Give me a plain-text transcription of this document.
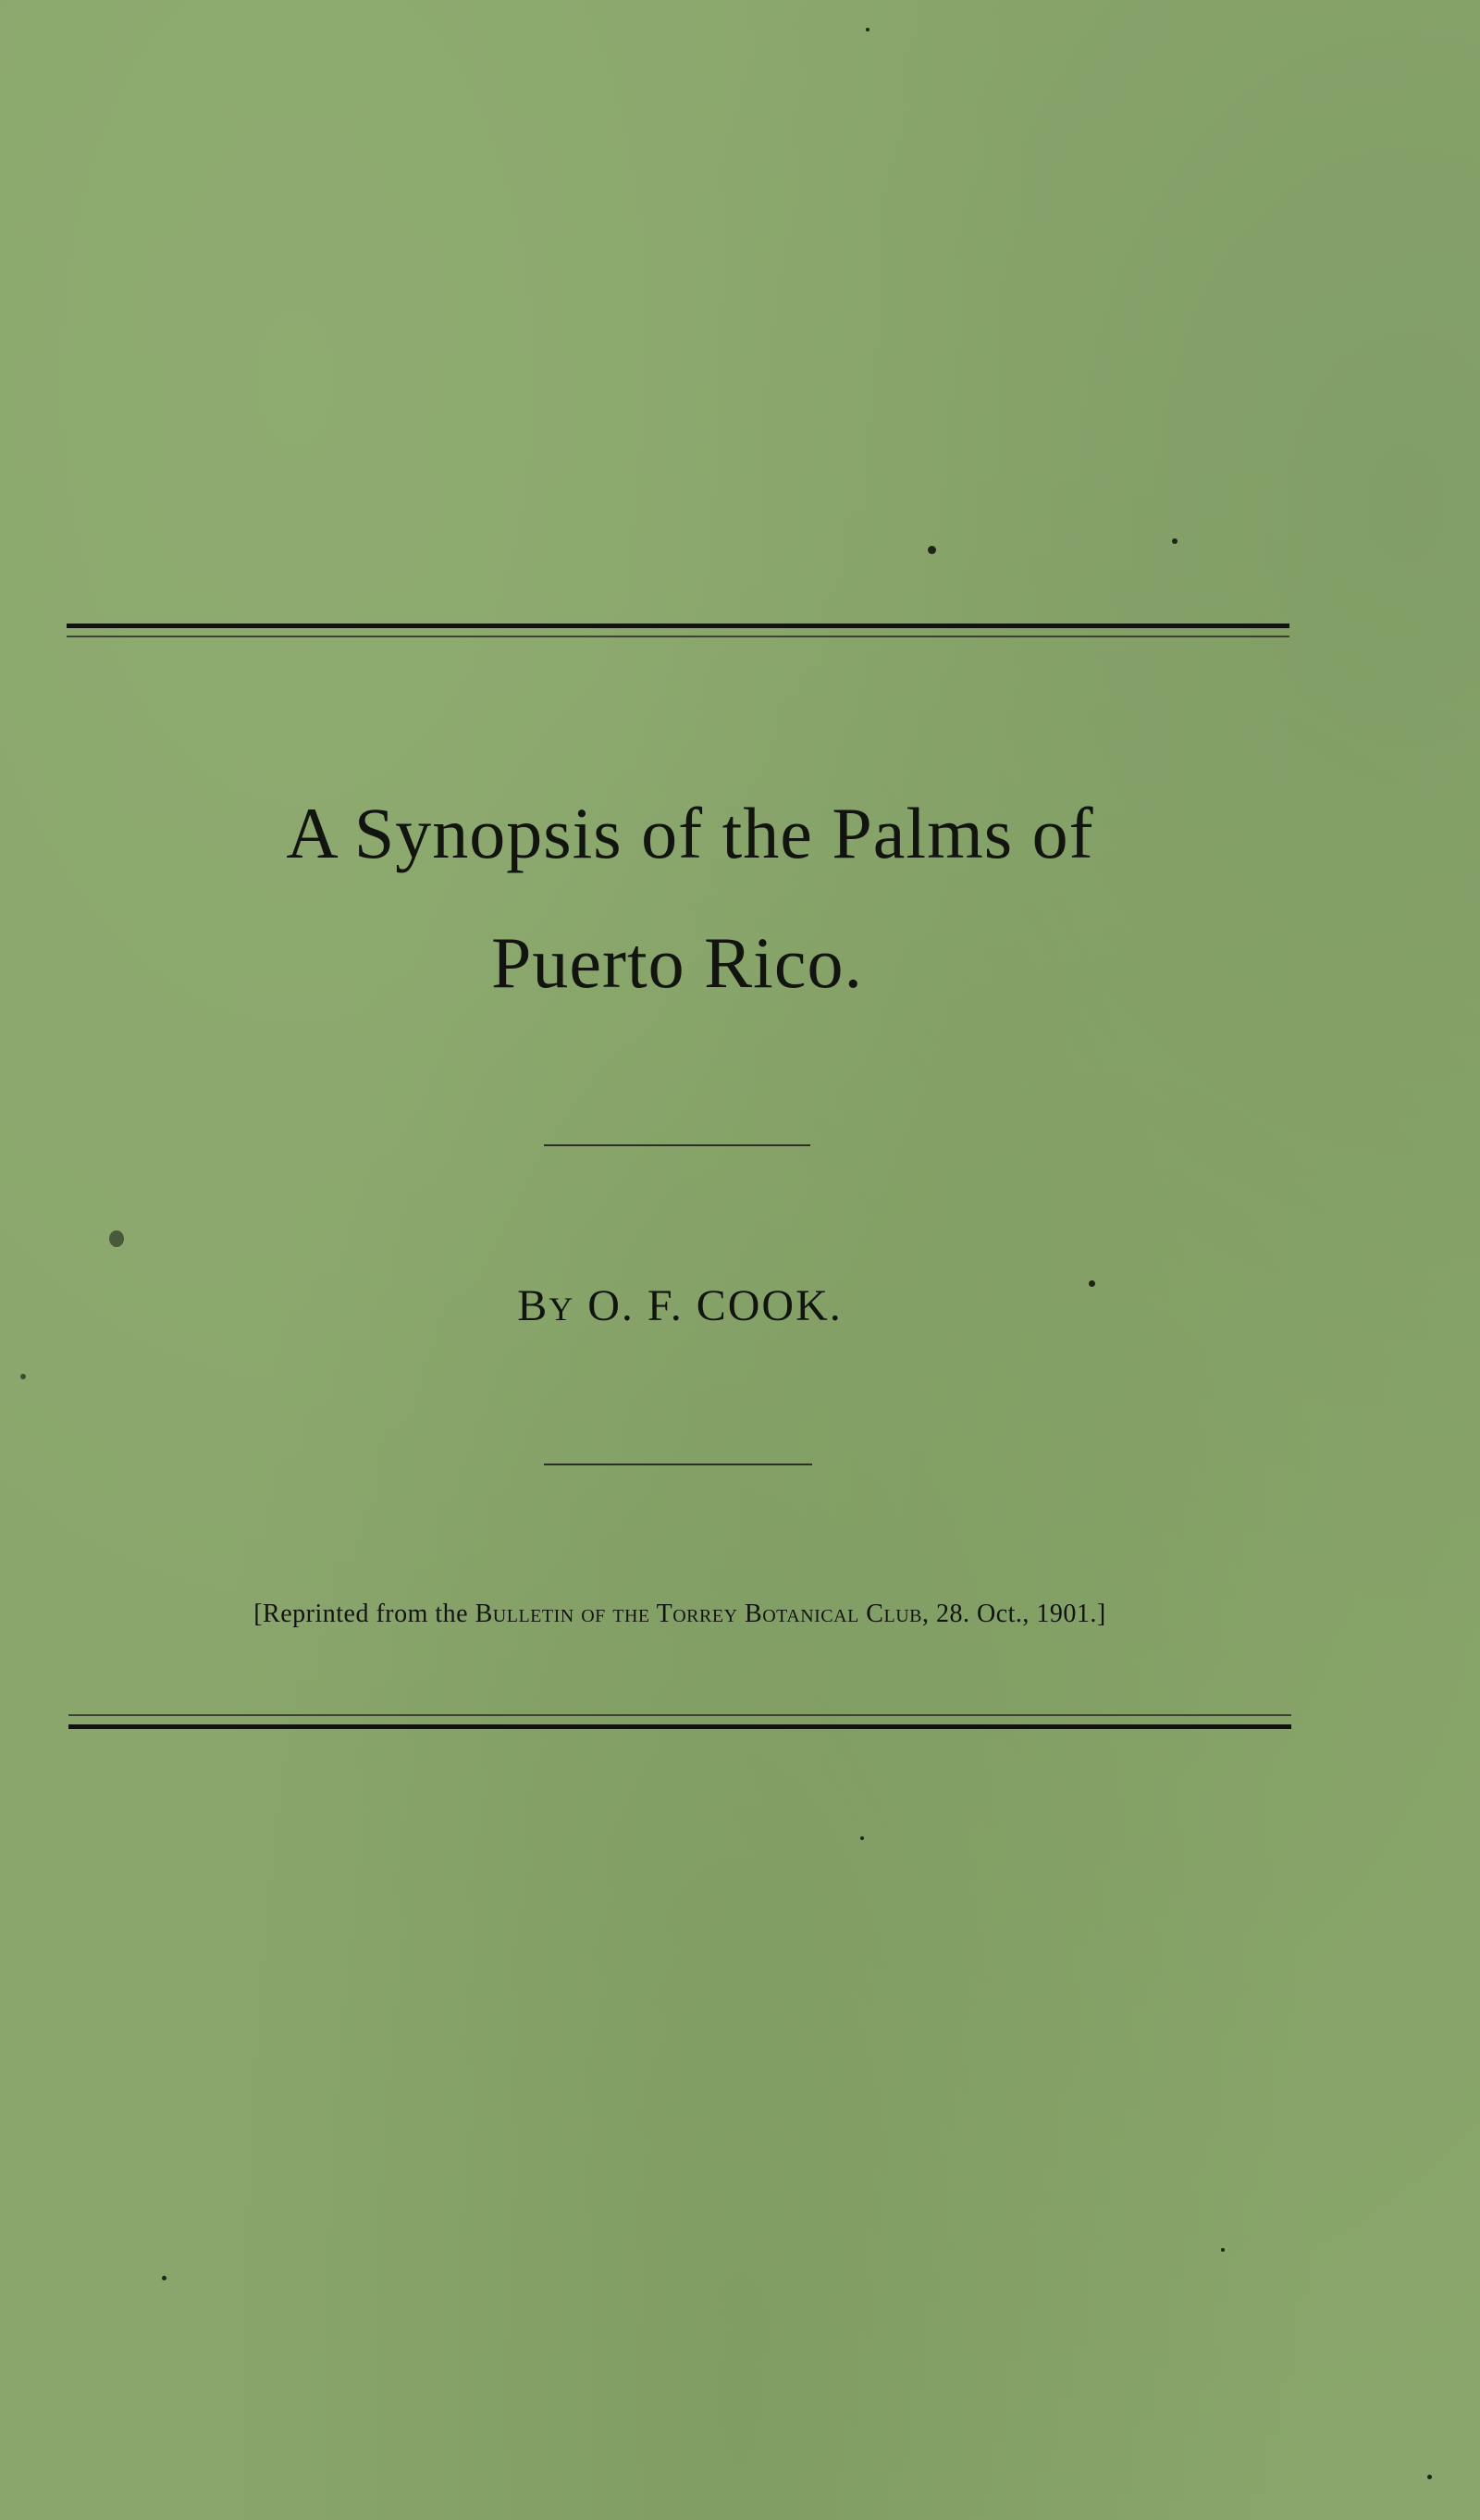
A Synopsis of the Palms of
Puerto Rico.
BY O. F. COOK.
[Reprinted from the Bulletin of the Torrey Botanical Club, 28. Oct., 1901.]
